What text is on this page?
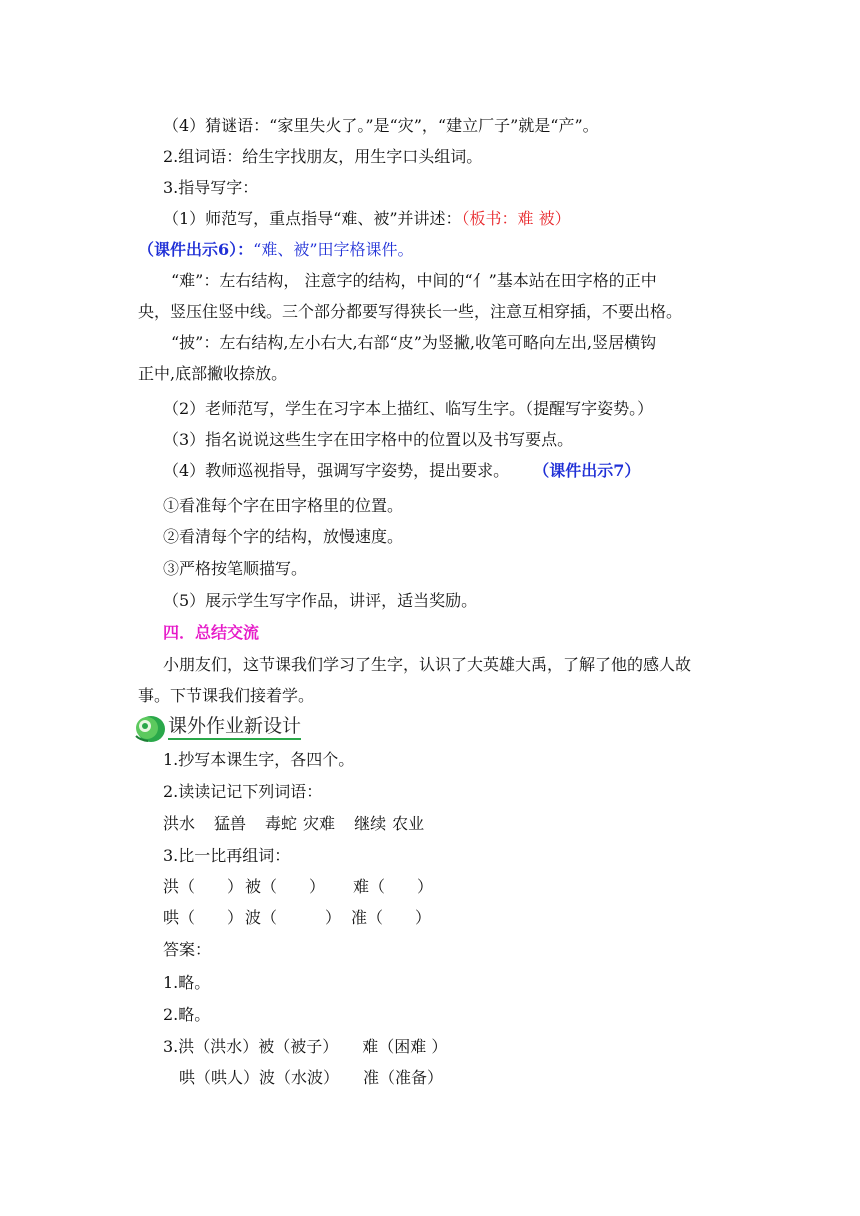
（4）猜谜语：“家里失火了。”是“灾”，“建立厂子”就是“产”。
2.组词语：给生字找朋友，用生字口头组词。
3.指导写字：
（1）师范写，重点指导“难、被”并讲述：（板书：难 被）
（课件出示6）：“难、被”田字格课件。
“难”：左右结构， 注意字的结构，中间的“亻”基本站在田字格的正中
央，竖压住竖中线。三个部分都要写得狭长一些，注意互相穿插，不要出格。
“披”：左右结构,左小右大,右部“皮”为竖撇,收笔可略向左出,竖居横钩
正中,底部撇收捺放。
（2）老师范写，学生在习字本上描红、临写生字。（提醒写字姿势。）
（3）指名说说这些生字在田字格中的位置以及书写要点。
（4）教师巡视指导，强调写字姿势，提出要求。 （课件出示7）
①看准每个字在田字格里的位置。
②看清每个字的结构，放慢速度。
③严格按笔顺描写。
（5）展示学生写字作品，讲评，适当奖励。
四．总结交流
小朋友们，这节课我们学习了生字，认识了大英雄大禹，了解了他的感人故
事。下节课我们接着学。
课外作业新设计
1.抄写本课生字，各四个。
2.读读记记下列词语：
洪水 猛兽 毒蛇 灾难 继续 农业
3.比一比再组词：
洪（　　） 被（　　） 难（　　）
哄（　　） 波（　　　） 准（　　）
答案：
1.略。
2.略。
3.洪（洪水）被（被子） 难（困难 ）
哄（哄人）波（水波） 准（准备）
